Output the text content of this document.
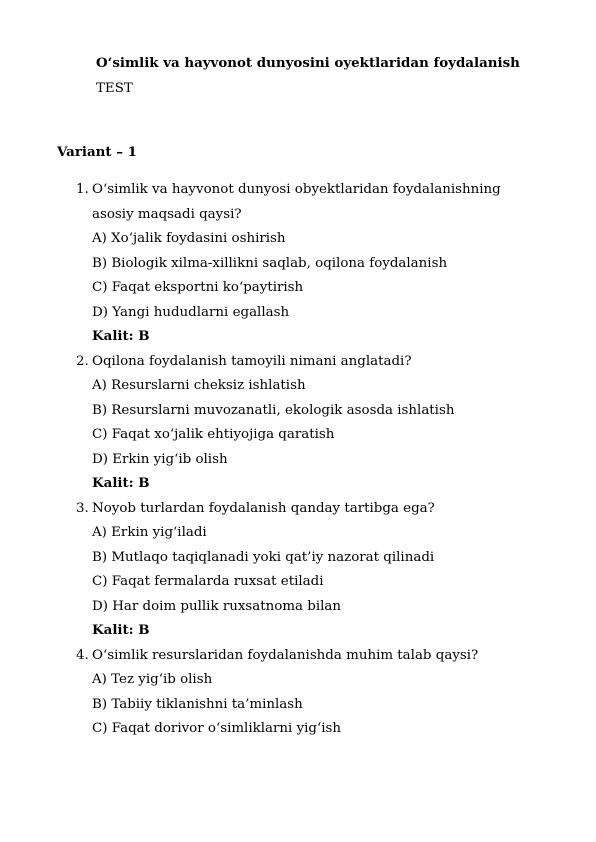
O‘simlik va hayvonot dunyosini oyektlaridan foydalanish
TEST
Variant – 1
1. O‘simlik va hayvonot dunyosi obyektlaridan foydalanishning
asosiy maqsadi qaysi?
A) Xo‘jalik foydasini oshirish
B) Biologik xilma-xillikni saqlab, oqilona foydalanish
C) Faqat eksportni ko‘paytirish
D) Yangi hududlarni egallash
Kalit: B
2. Oqilona foydalanish tamoyili nimani anglatadi?
A) Resurslarni cheksiz ishlatish
B) Resurslarni muvozanatli, ekologik asosda ishlatish
C) Faqat xo‘jalik ehtiyojiga qaratish
D) Erkin yig‘ib olish
Kalit: B
3. Noyob turlardan foydalanish qanday tartibga ega?
A) Erkin yig‘iladi
B) Mutlaqo taqiqlanadi yoki qat’iy nazorat qilinadi
C) Faqat fermalarda ruxsat etiladi
D) Har doim pullik ruxsatnoma bilan
Kalit: B
4. O‘simlik resurslaridan foydalanishda muhim talab qaysi?
A) Tez yig‘ib olish
B) Tabiiy tiklanishni ta’minlash
C) Faqat dorivor o‘simliklarni yig‘ish
